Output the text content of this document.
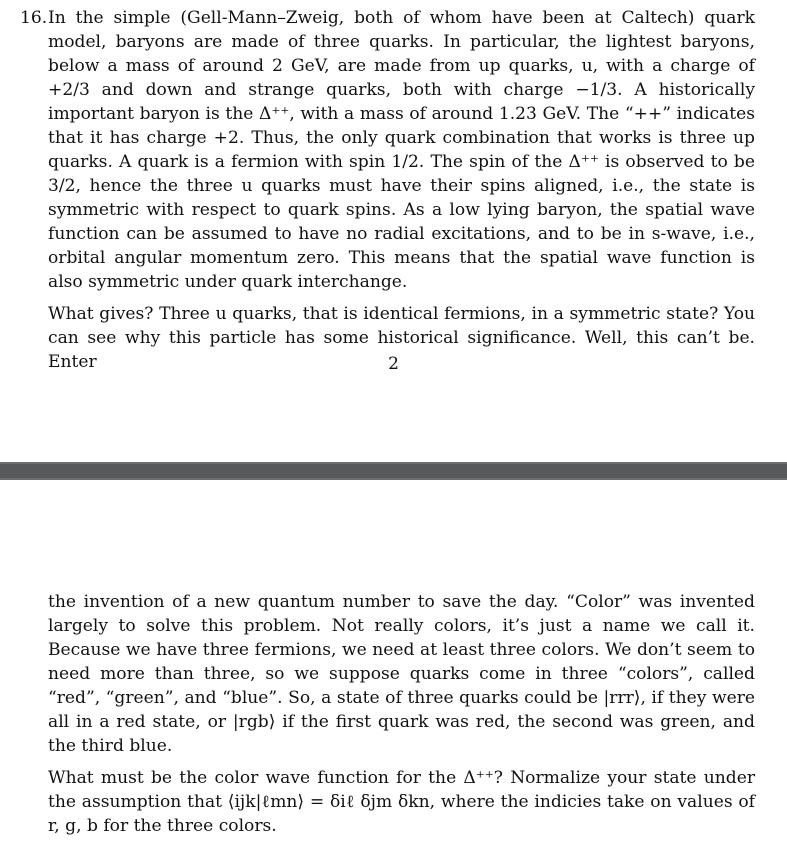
16. In the simple (Gell-Mann–Zweig, both of whom have been at Caltech) quark model, baryons are made of three quarks. In particular, the lightest baryons, below a mass of around 2 GeV, are made from up quarks, u, with a charge of +2/3 and down and strange quarks, both with charge −1/3. A historically important baryon is the Δ⁺⁺, with a mass of around 1.23 GeV. The “++” indicates that it has charge +2. Thus, the only quark combination that works is three up quarks. A quark is a fermion with spin 1/2. The spin of the Δ⁺⁺ is observed to be 3/2, hence the three u quarks must have their spins aligned, i.e., the state is symmetric with respect to quark spins. As a low lying baryon, the spatial wave function can be assumed to have no radial excitations, and to be in s-wave, i.e., orbital angular momentum zero. This means that the spatial wave function is also symmetric under quark interchange.

What gives? Three u quarks, that is identical fermions, in a symmetric state? You can see why this particle has some historical significance. Well, this can’t be. Enter	2

the invention of a new quantum number to save the day. “Color” was invented largely to solve this problem. Not really colors, it’s just a name we call it. Because we have three fermions, we need at least three colors. We don’t seem to need more than three, so we suppose quarks come in three “colors”, called “red”, “green”, and “blue”. So, a state of three quarks could be |rrr⟩, if they were all in a red state, or |rgb⟩ if the first quark was red, the second was green, and the third blue.

What must be the color wave function for the Δ⁺⁺? Normalize your state under the assumption that ⟨ijk|ℓmn⟩ = δiℓ δjm δkn, where the indicies take on values of r, g, b for the three colors.
